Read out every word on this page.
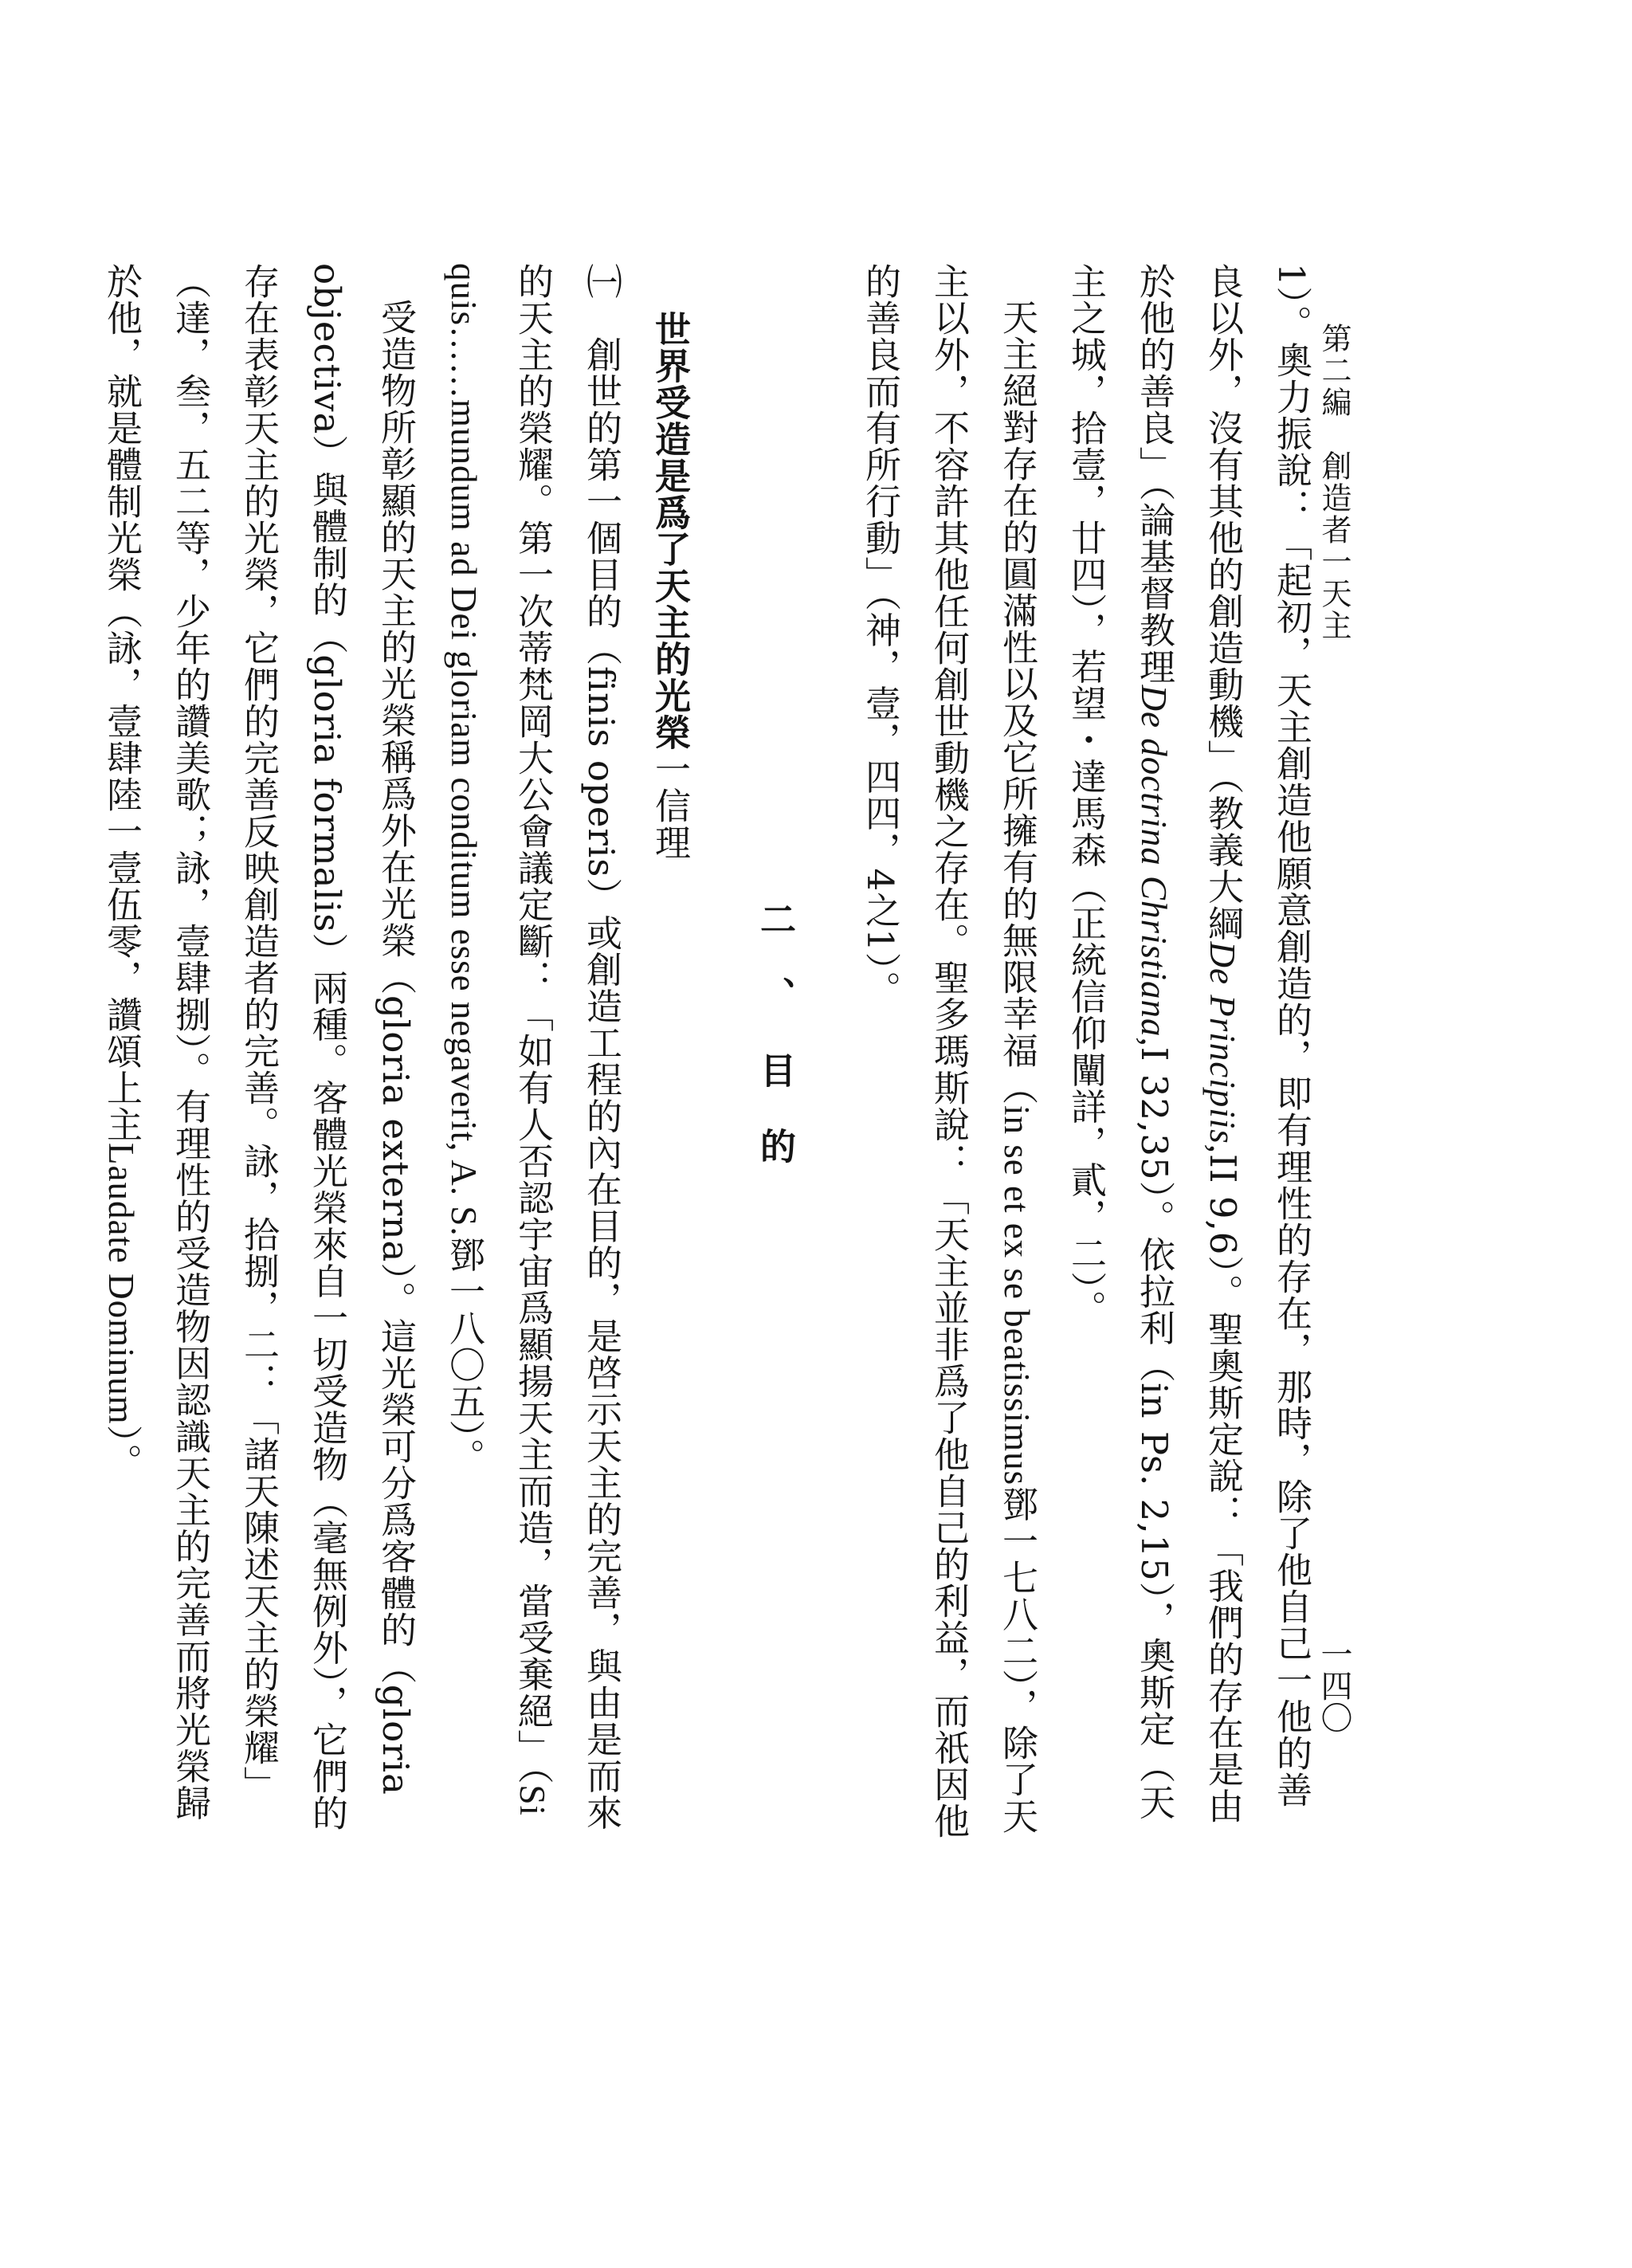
第二編　創造者一天主
一四〇

1）。奧力振說：「起初，天主創造他願意創造的，即有理性的存在，那時，除了他自己一他的善良以外，沒有其他的創造動機」（教義大綱De Principiis,II 9,6）。聖奧斯定說：「我們的存在是由於他的善良」（論基督教理De doctrina Christiana,I 32,35）。依拉利（in Ps. 2,15），奧斯定（天主之城，拾壹，廿四），若望・達馬森（正統信仰闡詳，貳，二）。

天主絕對存在的圓滿性以及它所擁有的無限幸福（in se et ex se beatissimus鄧一七八二），除了天主以外，不容許其他任何創世動機之存在。聖多瑪斯說：「天主並非爲了他自己的利益，而祇因他的善良而有所行動」（神，壹，四四，4之1）。

二、目的

世界受造是爲了天主的光榮一信理

㈠　創世的第一個目的（finis operis）或創造工程的內在目的，是啓示天主的完善，與由是而來的天主的榮耀。第一次蒂梵岡大公會議定斷：「如有人否認宇宙爲顯揚天主而造，當受棄絕」（Si quis……mundum ad Dei gloriam conditum esse negaverit, A. S.鄧一八〇五）。

受造物所彰顯的天主的光榮稱爲外在光榮（gloria externa）。這光榮可分爲客體的（gloria objectiva）與體制的（gloria formalis）兩種。客體光榮來自一切受造物（毫無例外），它們的存在表彰天主的光榮，它們的完善反映創造者的完善。詠，拾捌，二：「諸天陳述天主的榮耀」（達，叁，五二等，少年的讚美歌；詠，壹肆捌）。有理性的受造物因認識天主的完善而將光榮歸於他，就是體制光榮（詠，壹肆陸一壹伍零，讚頌上主Laudate Dominum）。
